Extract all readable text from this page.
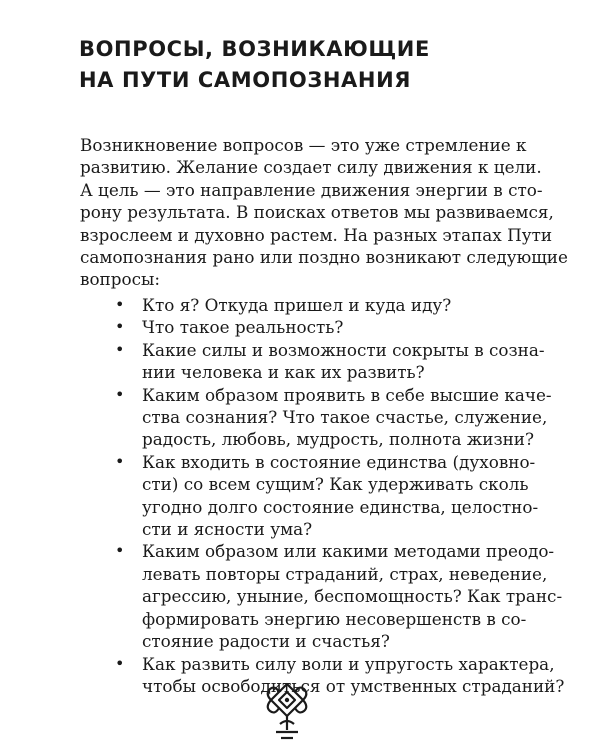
ВОПРОСЫ, ВОЗНИКАЮЩИЕ
НА ПУТИ САМОПОЗНАНИЯ

Возникновение вопросов — это уже стремление к
развитию. Желание создает силу движения к цели.
А цель — это направление движения энергии в сто-
рону результата. В поисках ответов мы развиваемся,
взрослеем и духовно растем. На разных этапах Пути
самопознания рано или поздно возникают следующие
вопросы:

• Кто я? Откуда пришел и куда иду?
• Что такое реальность?
• Какие силы и возможности сокрыты в созна-
нии человека и как их развить?
• Каким образом проявить в себе высшие каче-
ства сознания? Что такое счастье, служение,
радость, любовь, мудрость, полнота жизни?
• Как входить в состояние единства (духовно-
сти) со всем сущим? Как удерживать сколь
угодно долго состояние единства, целостно-
сти и ясности ума?
• Каким образом или какими методами преодо-
левать повторы страданий, страх, неведение,
агрессию, уныние, беспомощность? Как транс-
формировать энергию несовершенств в со-
стояние радости и счастья?
• Как развить силу воли и упругость характера,
чтобы освободиться от умственных страданий?
